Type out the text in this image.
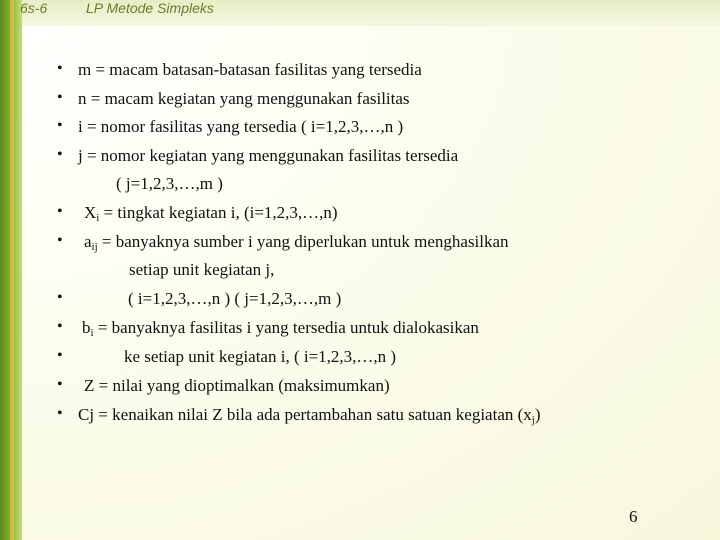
6s-6	LP Metode Simpleks
• m = macam batasan-batasan fasilitas yang tersedia
• n = macam kegiatan yang menggunakan fasilitas
• i = nomor fasilitas yang tersedia ( i=1,2,3,…,n )
• j = nomor kegiatan yang menggunakan fasilitas tersedia
( j=1,2,3,…,m )
• $X_i$ = tingkat kegiatan i, (i=1,2,3,…,n)
• $a_{ij}$ = banyaknya sumber i yang diperlukan untuk menghasilkan
setiap unit kegiatan j,
•	( i=1,2,3,…,n ) ( j=1,2,3,…,m )
• $b_i$ = banyaknya fasilitas i yang tersedia untuk dialokasikan
•	ke setiap unit kegiatan i, ( i=1,2,3,…,n )
• Z = nilai yang dioptimalkan (maksimumkan)
• Cj = kenaikan nilai Z bila ada pertambahan satu satuan kegiatan $(x_j)$
6
